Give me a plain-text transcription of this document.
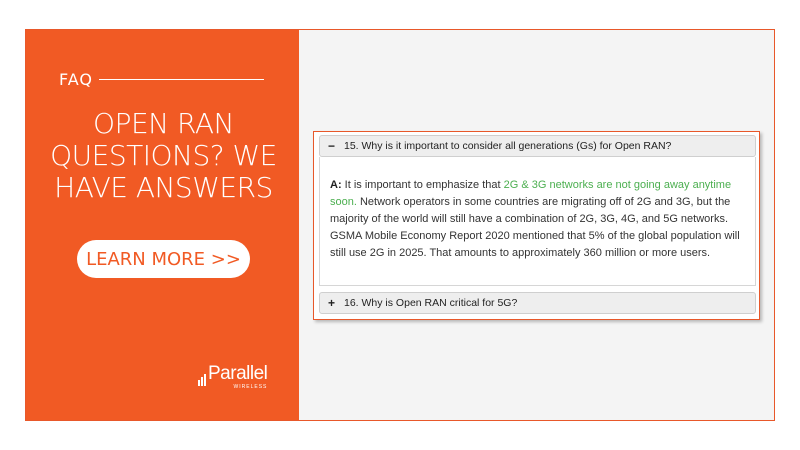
FAQ
OPEN RAN
QUESTIONS? WE
HAVE ANSWERS
LEARN MORE >>
Parallel
WIRELESS
− 15. Why is it important to consider all generations (Gs) for Open RAN?
A: It is important to emphasize that 2G & 3G networks are not going away anytime soon. Network operators in some countries are migrating off of 2G and 3G, but the majority of the world will still have a combination of 2G, 3G, 4G, and 5G networks. GSMA Mobile Economy Report 2020 mentioned that 5% of the global population will still use 2G in 2025. That amounts to approximately 360 million or more users.
+ 16. Why is Open RAN critical for 5G?
